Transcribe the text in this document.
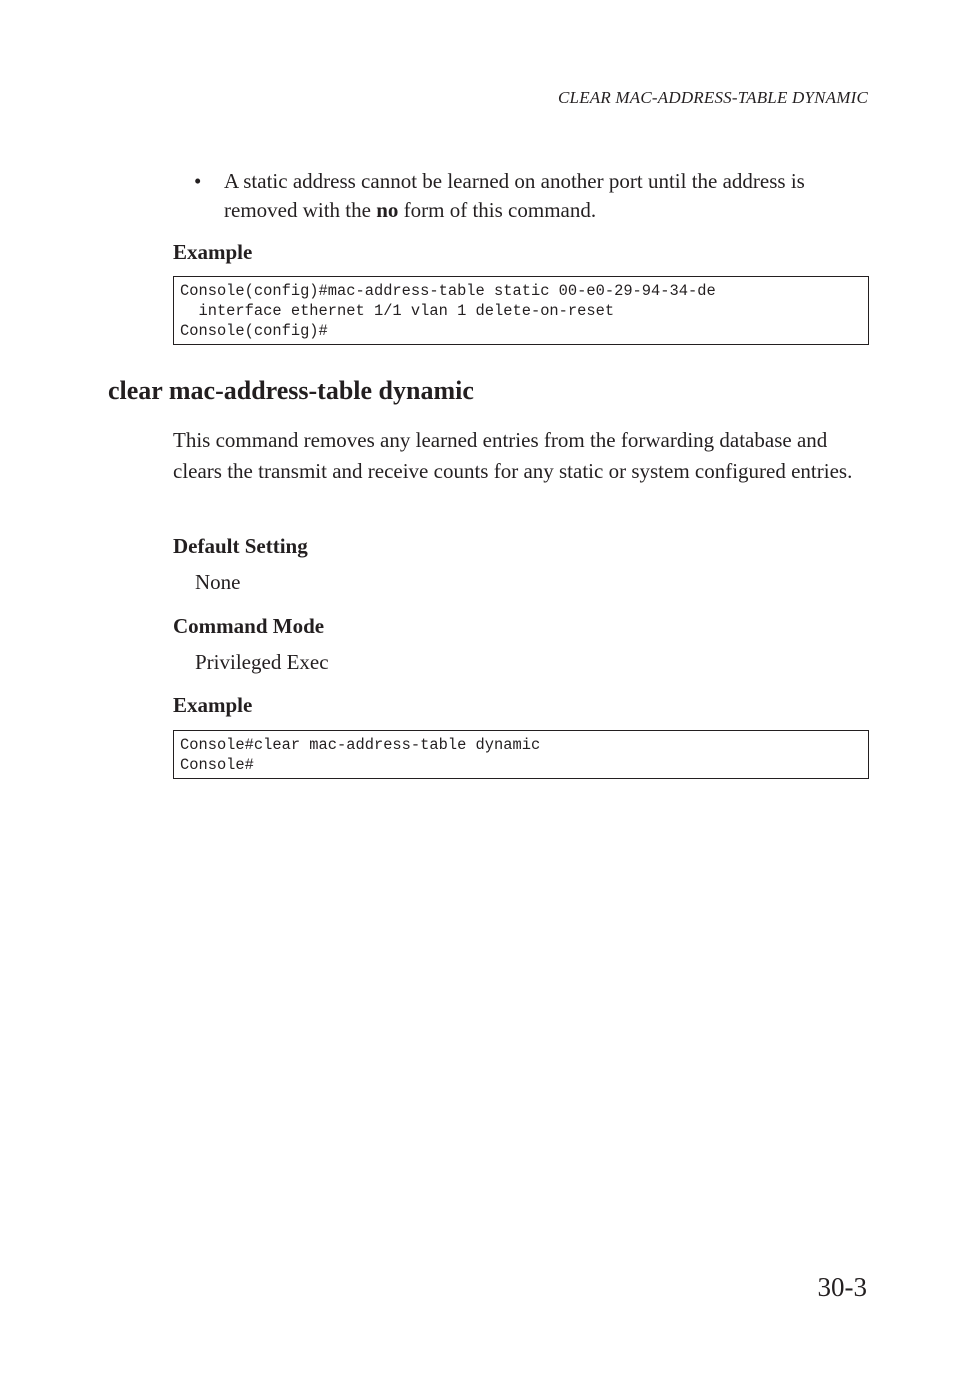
CLEAR MAC-ADDRESS-TABLE DYNAMIC
• A static address cannot be learned on another port until the address is removed with the no form of this command.
Example
Console(config)#mac-address-table static 00-e0-29-94-34-de
interface ethernet 1/1 vlan 1 delete-on-reset
Console(config)#
clear mac-address-table dynamic
This command removes any learned entries from the forwarding database and clears the transmit and receive counts for any static or system configured entries.
Default Setting
None
Command Mode
Privileged Exec
Example
Console#clear mac-address-table dynamic
Console#
30-3
